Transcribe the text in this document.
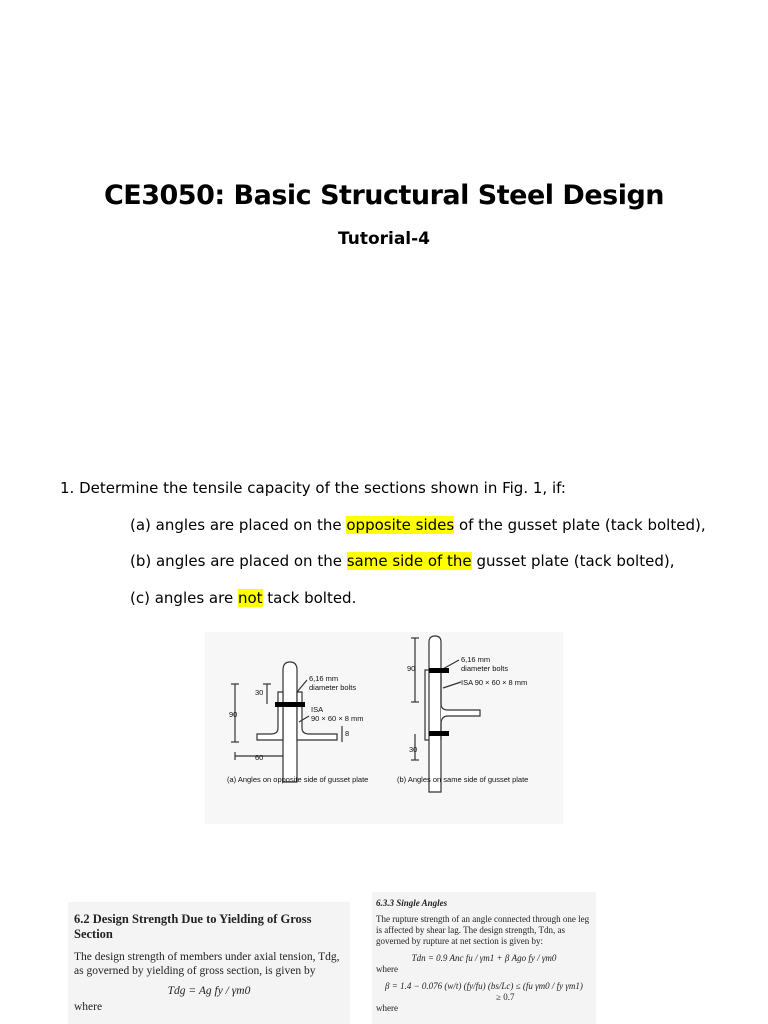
CE3050: Basic Structural Steel Design
Tutorial-4
1. Determine the tensile capacity of the sections shown in Fig. 1, if:
(a) angles are placed on the opposite sides of the gusset plate (tack bolted),
(b) angles are placed on the same side of the gusset plate (tack bolted),
(c) angles are not tack bolted.
6,16 mm
diameter bolts
ISA
90 × 60 × 8 mm
30
90
60
8
(a) Angles on opposite side of gusset plate
6,16 mm
diameter bolts
ISA 90 × 60 × 8 mm
90
30
(b) Angles on same side of gusset plate
6.2 Design Strength Due to Yielding of Gross Section
The design strength of members under axial tension, Tdg, as governed by yielding of gross section, is given by
Tdg = Ag fy / γm0
where
6.3.3 Single Angles
The rupture strength of an angle connected through one leg is affected by shear lag. The design strength, Tdn, as governed by rupture at net section is given by:
Tdn = 0.9 Anc fu / γm1 + β Ago fy / γm0
where
β = 1.4 − 0.076 (w/t) (fy/fu) (bs/Lc) ≤ (fu γm0 / fy γm1)
≥ 0.7
where
